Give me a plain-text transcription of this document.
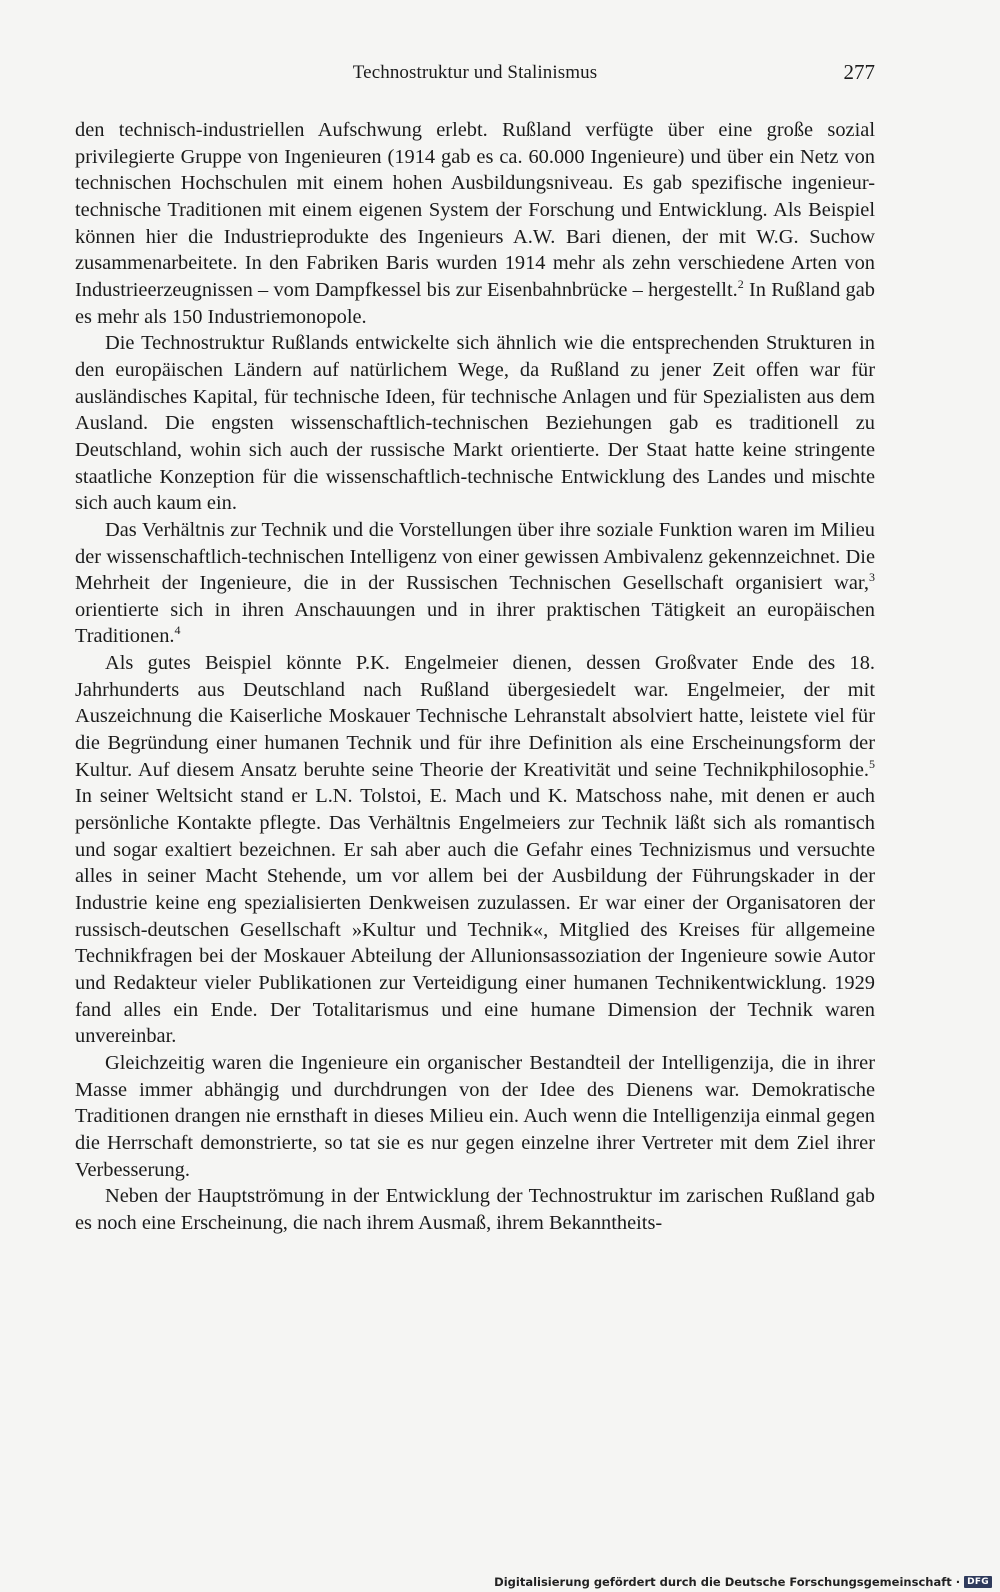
Technostruktur und Stalinismus	277

den technisch-industriellen Aufschwung erlebt. Rußland verfügte über eine große sozial privilegierte Gruppe von Ingenieuren (1914 gab es ca. 60.000 Ingenieure) und über ein Netz von technischen Hochschulen mit einem hohen Ausbildungsniveau. Es gab spezifische ingenieur-technische Traditionen mit einem eigenen System der Forschung und Entwicklung. Als Beispiel können hier die Industrieprodukte des Ingenieurs A.W. Bari dienen, der mit W.G. Suchow zusammenarbeitete. In den Fabriken Baris wurden 1914 mehr als zehn verschiedene Arten von Industrieerzeugnissen – vom Dampfkessel bis zur Eisenbahnbrücke – hergestellt.$^2$ In Rußland gab es mehr als 150 Industriemonopole.

Die Technostruktur Rußlands entwickelte sich ähnlich wie die entsprechenden Strukturen in den europäischen Ländern auf natürlichem Wege, da Rußland zu jener Zeit offen war für ausländisches Kapital, für technische Ideen, für technische Anlagen und für Spezialisten aus dem Ausland. Die engsten wissenschaftlich-technischen Beziehungen gab es traditionell zu Deutschland, wohin sich auch der russische Markt orientierte. Der Staat hatte keine stringente staatliche Konzeption für die wissenschaftlich-technische Entwicklung des Landes und mischte sich auch kaum ein.

Das Verhältnis zur Technik und die Vorstellungen über ihre soziale Funktion waren im Milieu der wissenschaftlich-technischen Intelligenz von einer gewissen Ambivalenz gekennzeichnet. Die Mehrheit der Ingenieure, die in der Russischen Technischen Gesellschaft organisiert war,$^3$ orientierte sich in ihren Anschauungen und in ihrer praktischen Tätigkeit an europäischen Traditionen.$^4$

Als gutes Beispiel könnte P.K. Engelmeier dienen, dessen Großvater Ende des 18. Jahrhunderts aus Deutschland nach Rußland übergesiedelt war. Engelmeier, der mit Auszeichnung die Kaiserliche Moskauer Technische Lehranstalt absolviert hatte, leistete viel für die Begründung einer humanen Technik und für ihre Definition als eine Erscheinungsform der Kultur. Auf diesem Ansatz beruhte seine Theorie der Kreativität und seine Technikphilosophie.$^5$ In seiner Weltsicht stand er L.N. Tolstoi, E. Mach und K. Matschoss nahe, mit denen er auch persönliche Kontakte pflegte. Das Verhältnis Engelmeiers zur Technik läßt sich als romantisch und sogar exaltiert bezeichnen. Er sah aber auch die Gefahr eines Technizismus und versuchte alles in seiner Macht Stehende, um vor allem bei der Ausbildung der Führungskader in der Industrie keine eng spezialisierten Denkweisen zuzulassen. Er war einer der Organisatoren der russisch-deutschen Gesellschaft »Kultur und Technik«, Mitglied des Kreises für allgemeine Technikfragen bei der Moskauer Abteilung der Allunionsassoziation der Ingenieure sowie Autor und Redakteur vieler Publikationen zur Verteidigung einer humanen Technikentwicklung. 1929 fand alles ein Ende. Der Totalitarismus und eine humane Dimension der Technik waren unvereinbar.

Gleichzeitig waren die Ingenieure ein organischer Bestandteil der Intelligenzija, die in ihrer Masse immer abhängig und durchdrungen von der Idee des Dienens war. Demokratische Traditionen drangen nie ernsthaft in dieses Milieu ein. Auch wenn die Intelligenzija einmal gegen die Herrschaft demonstrierte, so tat sie es nur gegen einzelne ihrer Vertreter mit dem Ziel ihrer Verbesserung.

Neben der Hauptströmung in der Entwicklung der Technostruktur im zarischen Rußland gab es noch eine Erscheinung, die nach ihrem Ausmaß, ihrem Bekanntheits-

Digitalisierung gefördert durch die Deutsche Forschungsgemeinschaft · DFG
